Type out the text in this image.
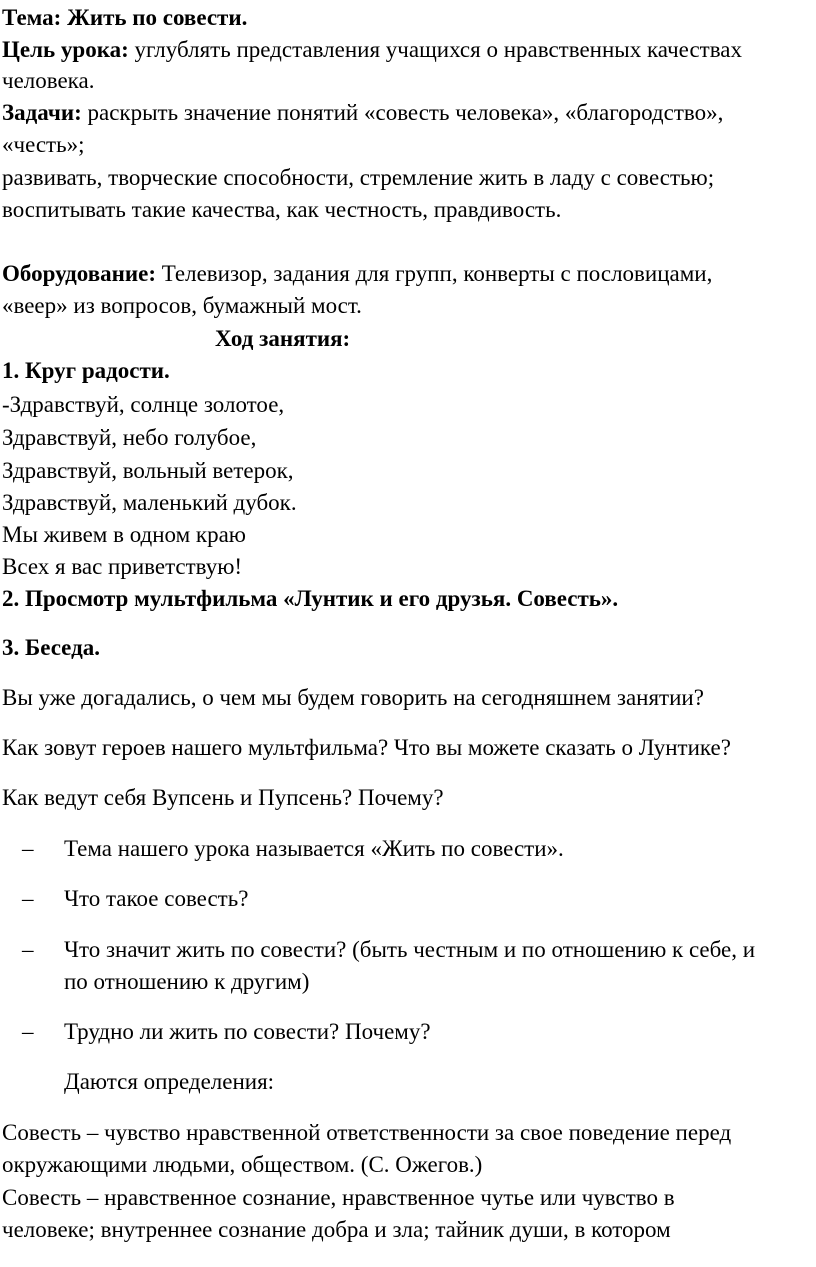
Тема: Жить по совести.
Цель урока: углублять представления учащихся о нравственных качествах
человека.
Задачи: раскрыть значение понятий «совесть человека», «благородство»,
«честь»;
развивать, творческие способности, стремление жить в ладу с совестью;
воспитывать такие качества, как честность, правдивость.
Оборудование: Телевизор, задания для групп, конверты с пословицами,
«веер» из вопросов, бумажный мост.
Ход занятия:
1. Круг радости.
-Здравствуй, солнце золотое,
Здравствуй, небо голубое,
Здравствуй, вольный ветерок,
Здравствуй, маленький дубок.
Мы живем в одном краю
Всех я вас приветствую!
2. Просмотр мультфильма «Лунтик и его друзья. Совесть».
3. Беседа.
Вы уже догадались, о чем мы будем говорить на сегодняшнем занятии?
Как зовут героев нашего мультфильма? Что вы можете сказать о Лунтике?
Как ведут себя Вупсень и Пупсень? Почему?
– Тема нашего урока называется «Жить по совести».
– Что такое совесть?
– Что значит жить по совести? (быть честным и по отношению к себе, и
по отношению к другим)
– Трудно ли жить по совести? Почему?
Даются определения:
Совесть – чувство нравственной ответственности за свое поведение перед
окружающими людьми, обществом. (С. Ожегов.)
Совесть – нравственное сознание, нравственное чутье или чувство в
человеке; внутреннее сознание добра и зла; тайник души, в котором
